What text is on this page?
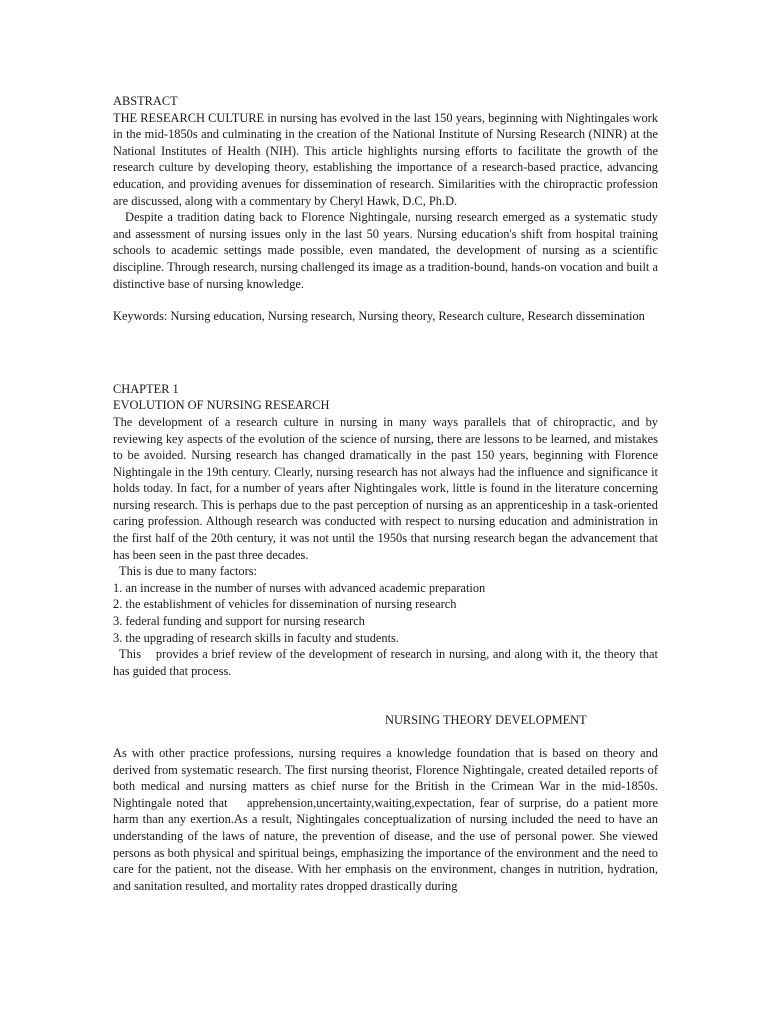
ABSTRACT

THE RESEARCH CULTURE in nursing has evolved in the last 150 years, beginning with Nightingales work in the mid-1850s and culminating in the creation of the National Institute of Nursing Research (NINR) at the National Institutes of Health (NIH). This article highlights nursing efforts to facilitate the growth of the research culture by developing theory, establishing the importance of a research-based practice, advancing education, and providing avenues for dissemination of research. Similarities with the chiropractic profession are discussed, along with a commentary by Cheryl Hawk, D.C, Ph.D.

Despite a tradition dating back to Florence Nightingale, nursing research emerged as a systematic study and assessment of nursing issues only in the last 50 years. Nursing education's shift from hospital training schools to academic settings made possible, even mandated, the development of nursing as a scientific discipline. Through research, nursing challenged its image as a tradition-bound, hands-on vocation and built a distinctive base of nursing knowledge.

Keywords: Nursing education, Nursing research, Nursing theory, Research culture, Research dissemination

CHAPTER 1

EVOLUTION OF NURSING RESEARCH

The development of a research culture in nursing in many ways parallels that of chiropractic, and by reviewing key aspects of the evolution of the science of nursing, there are lessons to be learned, and mistakes to be avoided. Nursing research has changed dramatically in the past 150 years, beginning with Florence Nightingale in the 19th century. Clearly, nursing research has not always had the influence and significance it holds today. In fact, for a number of years after Nightingales work, little is found in the literature concerning nursing research. This is perhaps due to the past perception of nursing as an apprenticeship in a task-oriented caring profession. Although research was conducted with respect to nursing education and administration in the first half of the 20th century, it was not until the 1950s that nursing research began the advancement that has been seen in the past three decades.

This is due to many factors:

1. an increase in the number of nurses with advanced academic preparation

2. the establishment of vehicles for dissemination of nursing research

3. federal funding and support for nursing research

3. the upgrading of research skills in faculty and students.

This    provides a brief review of the development of research in nursing, and along with it, the theory that has guided that process.

NURSING THEORY DEVELOPMENT

As with other practice professions, nursing requires a knowledge foundation that is based on theory and derived from systematic research. The first nursing theorist, Florence Nightingale, created detailed reports of both medical and nursing matters as chief nurse for the British in the Crimean War in the mid-1850s. Nightingale noted that    apprehension,uncertainty,waiting,expectation, fear of surprise, do a patient more harm than any exertion.As a result, Nightingales conceptualization of nursing included the need to have an understanding of the laws of nature, the prevention of disease, and the use of personal power. She viewed persons as both physical and spiritual beings, emphasizing the importance of the environment and the need to care for the patient, not the disease. With her emphasis on the environment, changes in nutrition, hydration, and sanitation resulted, and mortality rates dropped drastically during
